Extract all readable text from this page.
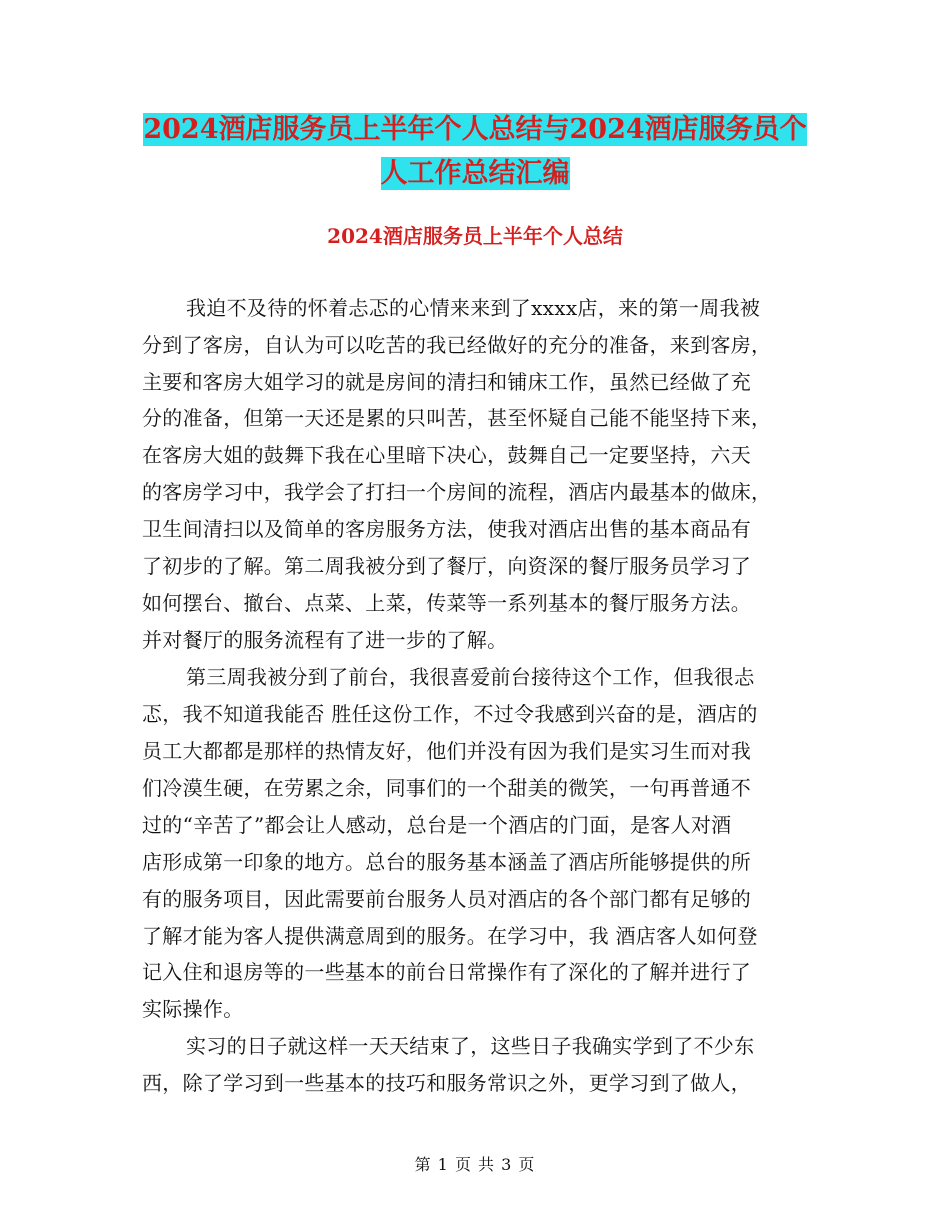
2024酒店服务员上半年个人总结与2024酒店服务员个
人工作总结汇编
2024酒店服务员上半年个人总结
我迫不及待的怀着忐忑的心情来来到了xxxx店，来的第一周我被
分到了客房，自认为可以吃苦的我已经做好的充分的准备，来到客房，
主要和客房大姐学习的就是房间的清扫和铺床工作，虽然已经做了充
分的准备，但第一天还是累的只叫苦，甚至怀疑自己能不能坚持下来，
在客房大姐的鼓舞下我在心里暗下决心，鼓舞自己一定要坚持，六天
的客房学习中，我学会了打扫一个房间的流程，酒店内最基本的做床，
卫生间清扫以及简单的客房服务方法，使我对酒店出售的基本商品有
了初步的了解。第二周我被分到了餐厅，向资深的餐厅服务员学习了
如何摆台、撤台、点菜、上菜，传菜等一系列基本的餐厅服务方法。
并对餐厅的服务流程有了进一步的了解。
第三周我被分到了前台，我很喜爱前台接待这个工作，但我很忐
忑，我不知道我能否 胜任这份工作，不过令我感到兴奋的是，酒店的
员工大都都是那样的热情友好，他们并没有因为我们是实习生而对我
们冷漠生硬，在劳累之余，同事们的一个甜美的微笑，一句再普通不
过的“辛苦了”都会让人感动，总台是一个酒店的门面，是客人对酒
店形成第一印象的地方。总台的服务基本涵盖了酒店所能够提供的所
有的服务项目，因此需要前台服务人员对酒店的各个部门都有足够的
了解才能为客人提供满意周到的服务。在学习中，我 酒店客人如何登
记入住和退房等的一些基本的前台日常操作有了深化的了解并进行了
实际操作。
实习的日子就这样一天天结束了，这些日子我确实学到了不少东
西，除了学习到一些基本的技巧和服务常识之外，更学习到了做人，
第 1 页 共 3 页
